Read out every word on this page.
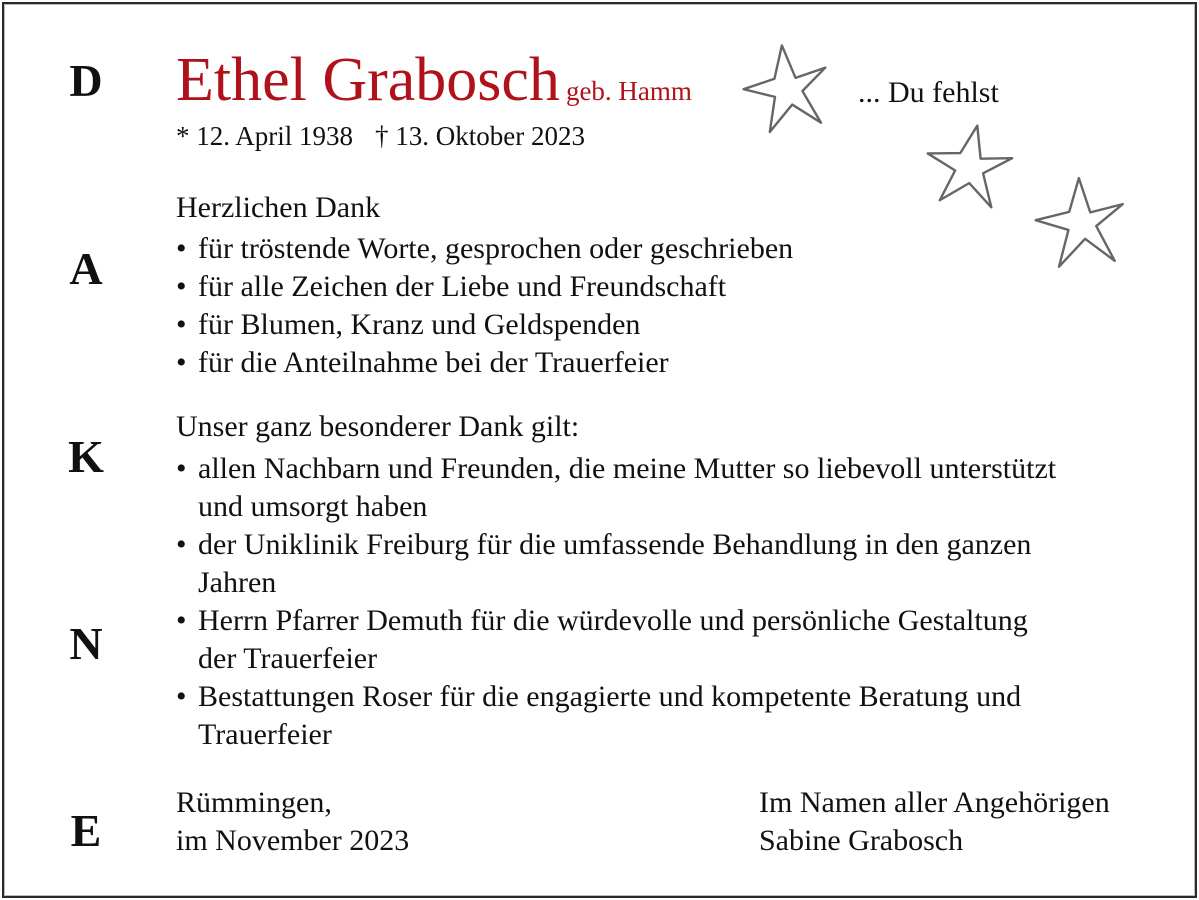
D
A
K
N
E
Ethel Grabosch geb. Hamm	... Du fehlst
* 12. April 1938 † 13. Oktober 2023
Herzlichen Dank
• für tröstende Worte, gesprochen oder geschrieben
• für alle Zeichen der Liebe und Freundschaft
• für Blumen, Kranz und Geldspenden
• für die Anteilnahme bei der Trauerfeier
Unser ganz besonderer Dank gilt:
• allen Nachbarn und Freunden, die meine Mutter so liebevoll unterstützt
und umsorgt haben
• der Uniklinik Freiburg für die umfassende Behandlung in den ganzen
Jahren
• Herrn Pfarrer Demuth für die würdevolle und persönliche Gestaltung
der Trauerfeier
• Bestattungen Roser für die engagierte und kompetente Beratung und
Trauerfeier
Rümmingen,
im November 2023
Im Namen aller Angehörigen
Sabine Grabosch
